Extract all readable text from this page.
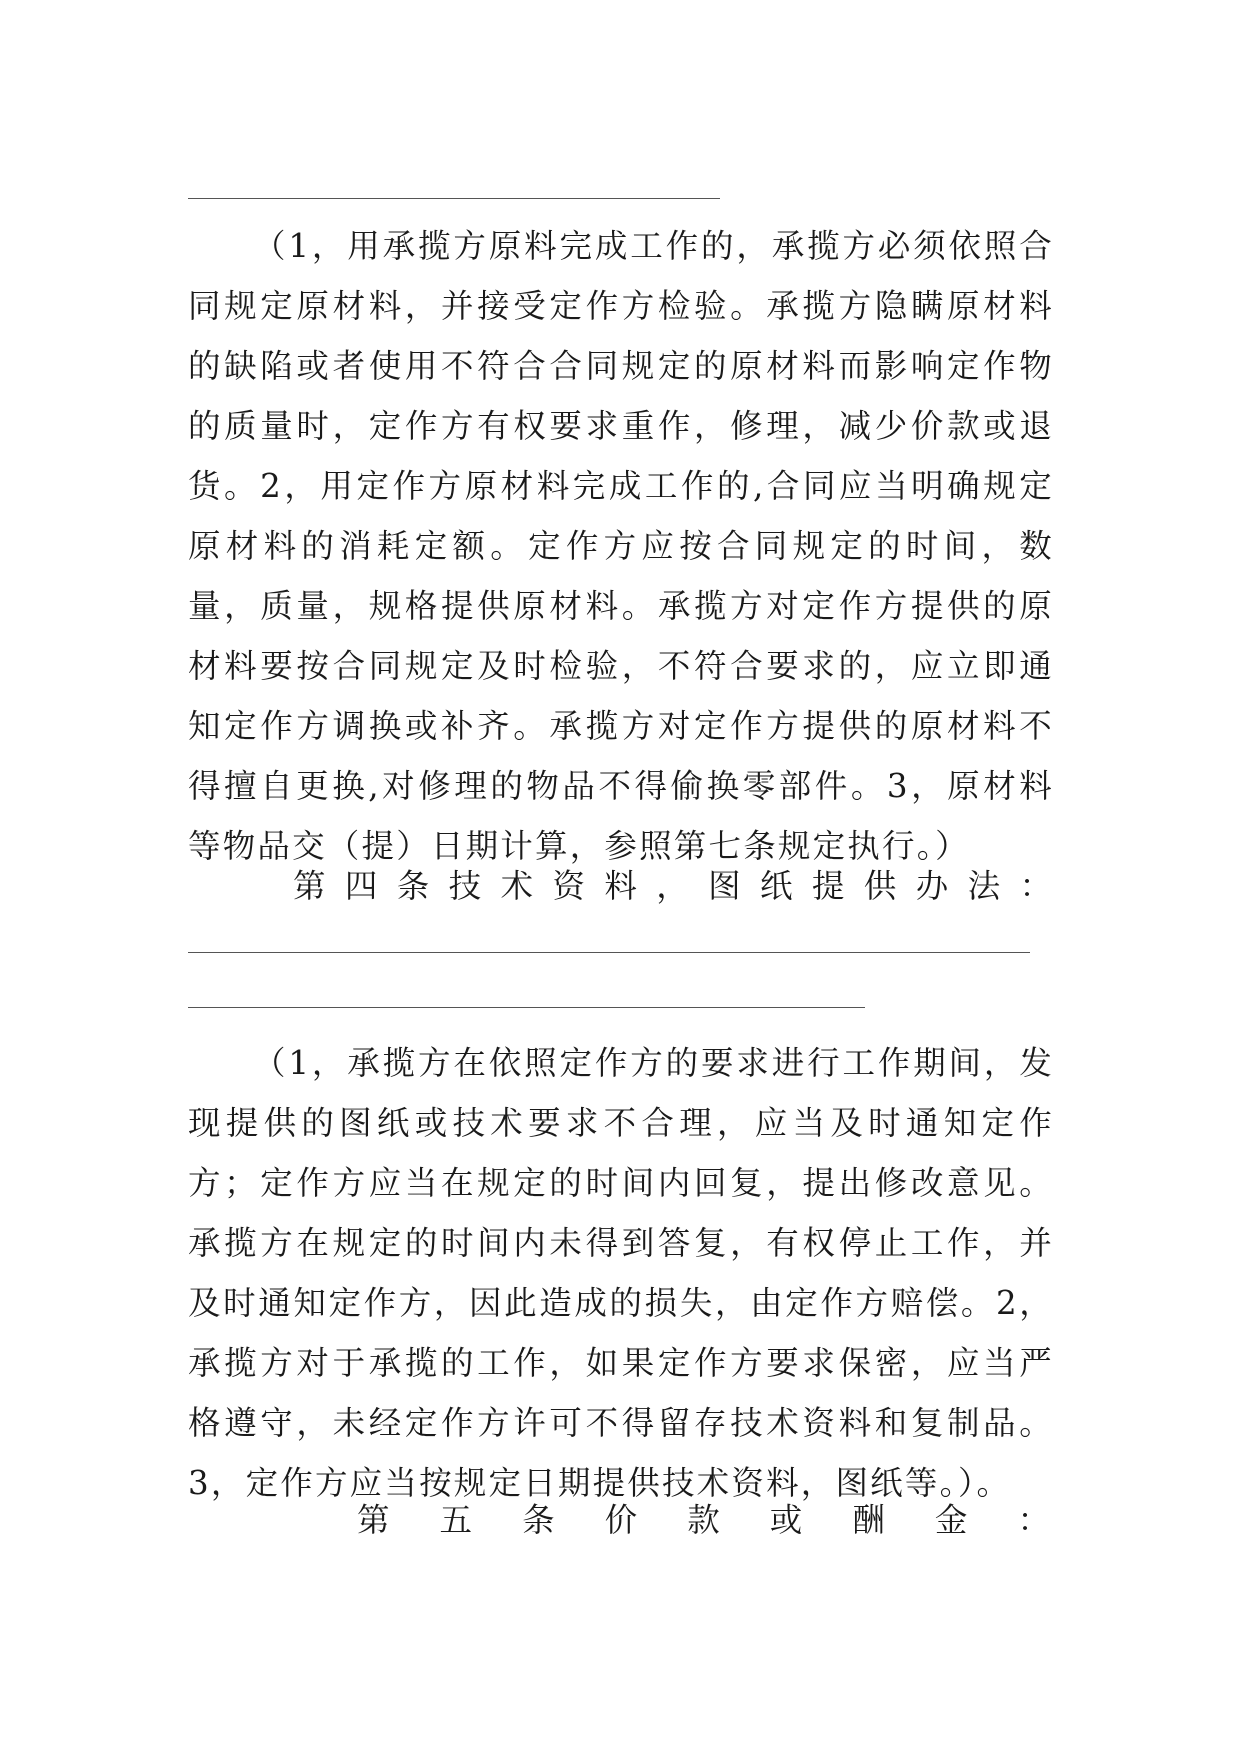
（1，用承揽方原料完成工作的，承揽方必须依照合同规定原材料，并接受定作方检验。承揽方隐瞒原材料的缺陷或者使用不符合合同规定的原材料而影响定作物的质量时，定作方有权要求重作，修理，减少价款或退货。2，用定作方原材料完成工作的,合同应当明确规定原材料的消耗定额。定作方应按合同规定的时间，数量，质量，规格提供原材料。承揽方对定作方提供的原材料要按合同规定及时检验，不符合要求的，应立即通知定作方调换或补齐。承揽方对定作方提供的原材料不得擅自更换,对修理的物品不得偷换零部件。3，原材料等物品交（提）日期计算，参照第七条规定执行。）

第四条技术资料，图纸提供办法：

（1，承揽方在依照定作方的要求进行工作期间，发现提供的图纸或技术要求不合理，应当及时通知定作方；定作方应当在规定的时间内回复，提出修改意见。承揽方在规定的时间内未得到答复，有权停止工作，并及时通知定作方，因此造成的损失，由定作方赔偿。2，承揽方对于承揽的工作，如果定作方要求保密，应当严格遵守，未经定作方许可不得留存技术资料和复制品。3，定作方应当按规定日期提供技术资料，图纸等。）。

第五条价款或酬金：
